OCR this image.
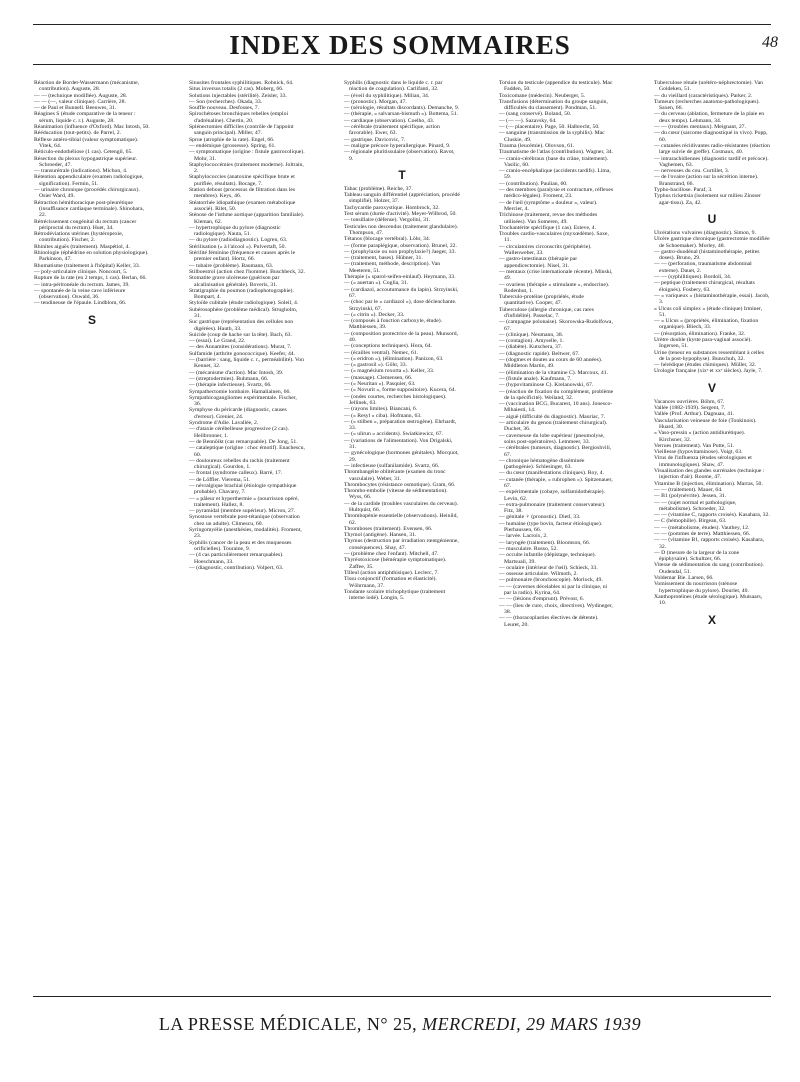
INDEX DES SOMMAIRES	48

Réaction de Bordet-Wassermann (mécanisme, contribution). Auguste, 28.

— — (technique modifiée). Auguste, 28.

— — (—, valeur clinique). Carrière, 28.

— de Paul et Bunnell. Beeuwes, 31.

Réagines S (étude comparative de la teneur : sérum, liquide c. r.). Auguste, 28.

Réanimation (influence d'Oxford). Mac Intosh, 50.

Rééducation (tout-petits). de Parrel, 2.

Réflexe antéro-tibial (valeur symptomatique). Vitek, 64.

Réticulo-endothéliose (1 cas). Cetengil, 65.

Résection du plexus hypogastrique supérieur. Schroeder, 47.

— transurétrale (indications). Michon, 4.

Rétention appendiculaire (examen radiologique, signification). Fermin, 51.

— urinaire chronique (procédés chirurgicaux). Osier Ward, 49.

Rétraction hémithoracique post-pleurétique (insuffisance cardiaque terminale). Shinohara, 22.

Rétrécissement congénital du rectum (cancer périproctal du rectum). Huet, 34.

Rétrodéviations utérines (hystéropexie, contribution). Fischer, 2.

Rhinites aiguës (traitement). Maspétiol, 4.

Rhinologie (éphédrine en solution physiologique). Parkinson, 47.

Rhumatisme (traitement à l'hôpital) Keller, 33.

— poly-articulaire clinique. Noncourt, 5.

Rupture de la rate (en 2 temps, 1 cas). Berlan, 66.

— intra-péritonéale du rectum. James, 39.

— spontanée de la veine cave inférieure (observation). Oswald, 36.

— tendineuse de l'épaule. Lindblom, 66.

S

Sinusites frontales syphilitiques. Robnick, 64.

Situs inversus totalis (2 cas). Moberg, 66.

Solutions injectables (stérilité). Zeisler, 33.

— Son (recherches). Okada, 33.

Souffle nouveau. Desfosses, 7.

Spirochétoses bronchiques rebelles (emploi d'adrénaline). Chertin, 20.

Splénectomies difficiles (contrôle de l'appoint sanguin principal). Miller, 47.

Sprue (atrophie de la rate). Engel, 66.

— endémique (grossesse). Spring, 61.

— symptomatique (origine : fistule gastrocolique). Mohr, 31.

Staphylococcémies (traitement moderne). Joltrain, 2.

Staphylococcies (anatoxine spécifique brute et purifiée, résultats). Bocage, 7.

Station debout (processus de filtration dans les membres). Keys, 46.

Stéatorrhée idiopathique (examen métabolique associé). Rilet, 50.

Sténose de l'isthme aortique (apparition familiale). Kleman, 62.

— hypertrophique du pylore (diagnostic radiologique). Nauta, 51.

— du pylore (radiodiagnostic). Logren, 63.

Stérilisation (« à l'alcool »). Pulvertaft, 50.

Stérilité féminine (fréquence et causes après le premier enfant). Hortz, 66.

— tubaire (problème). Baumann, 63.

Stilboestrol (action chez l'homme). Buschbeck, 32.

Stomatite grave ulcéreuse (guérison par alcalinisation générale). Boveris, 31.

Stratigraphie du poumon (radiophotographie). Bompart, 4.

Styloïde cubitale (étude radiologique). Soleil, 4.

Subérosophère (problème médical). Strugholm, 31.

Suc gastrique (représentation des cellules non digérées). Hauth, 33.

Suicide (coup de hache sur la tête). Bach, 63.

— (essai). Le Grand, 22.

— des Annamites (considérations). Murat, 7.

Sulfamide (arthrite gonococcique). Keefer, 44.

— (barrière : sang, liquide c. r., perméabilité). Von Kennet, 32.

— (mécanisme d'action). Mac Intosh, 39.

— (streptodermies). Buhmann, 66.

— (thérapie infectieuse). Svartz, 66.

Sympathectomie lombaire. Hamaliainen, 66.

Sympathicogangliomes expérimentale. Fischer, 36.

Symphyse du péricarde (diagnostic, causes d'erreur). Grenier, 24.

Syndrome d'Adie. Lavallée, 2.

— d'ataxie cérébelleuse progressive (2 cas). Heilbronner, 1.

— de Bennôikt (cas remarquable). De Jong, 51.

— cataleptique (origine : choc émotif). Enachescu, 60.

— douloureux rebelles du rachis (traitement chirurgical). Gourdon, 1.

— frontal (syndrome calleux). Barré, 17.

— de Löffler. Vierema, 51.

— névralgique brachial (étiologie sympathique probable). Chavany, 7.

— « pâleur et hyperthermie » (nourrisson opéré, traitement). Hallez, 8.

— pyramidal (membre supérieur). Micron, 27.

Synostose vertébrale post-tétanique (observation chez un adulte). Climescu, 60.

Syringomyélie (anesthésies, modalités). Froment, 23.

Syphilis (cancer de la peau et des muqueuses orificielles). Touraine, 9.

— (4 cas particulièrement remarquables). Hoeschmann, 33.

— (diagnostic, contribution). Volpert, 63.

Syphilis (diagnostic dans le liquide c. r. par réaction de coagulation). Carlifanti, 32.

— (éveil du syphilitique). Milian, 34.

— (pronostic). Morgan, 47.

— (sérologie, résultats discordants). Demanche, 9.

— (thérapie, « salvarsan-bismuth »). Bottema, 51.

— cardiaque (observation). Coelho, 43.

— cérébrale (traitement spécifique, action favorable). Ewer, 63.

— gastrique. Davicovic, 7.

— maligne précoce hyperallergique. Pinard, 9.

— régionale pluritissulaire (observation). Ravot, 9.

T

Tabac (problème). Reiche, 37.

Tableau sanguin différentiel (appréciation, procédé simplifié). Holzer, 37.

Tachycardie paroxystique. Hombrock, 32.

Test sérum (durée d'activité). Meyer-Wilbrod, 50.

— tonsillaire (défense). Vergolini, 31.

Testicules non descendus (traitement glandulaire). Thompson, 47.

Tétanos (blocage vertébral). Löhr, 34.

— (forme paraplégique, observation). Brunel, 22.

— (prophylaxie ou non prophylaxie?) Jaeger, 33.

— (traitement, bases). Hübner, 31.

— (traitement, méthode, description). Van Meeteren, 51.

Thérapie (« sparol-seifen-einlauf). Heymann, 33.

— (« auertan »). Coglia, 31.

— (cardiazol, accoutumance du lapin). Strzyinski, 67.

— (choc par le « cardiazol »), dose déclenchante. Strzyinski, 67.

— (« citrin »). Decker, 33.

— (composés à fonction carboxyle, étude). Matthiessen, 39.

— (composition protectrice de la peau). Munsord, 40.

— (conceptions techniques). Hora, 64.

— (écailles ventral). Nemec, 61.

— (« eridron »), (élimination). Panizon, 63.

— (« gastrosil »). Göhr, 33.

— (« magnésium roxorta »). Keller, 33.

— (massage). Clemensen, 66.

— (« Neuritan »). Pasquier, 63.

— (« Novurit », forme suppositoire). Kucera, 64.

— (ondes courtes, recherches histologiques). Jellinek, 63.

— (rayons limites). Biancani, 6.

— (« Resyl » ciba). Hofmann, 63.

— (« stilben », préparation œstrogène). Ehrhardt, 33.

— (« ulirun » accidents). Swiatkiewicz, 67.

— (variations de l'alimentation). Von Drigalski, 31.

— gynécologique (hormones génitales). Mocquot, 29.

— infectieuse (sulfanilamide). Svartz, 66.

Thrombangéite oblitérante (examen du tronc vasculaire). Weber, 31.

Thrombocytes (résistance osmotique). Gram, 66.

Thrombo-embolie (vitesse de sédimentation). Wyss, 66.

— de la cardide (troubles vasculaires du cerveau). Hultquist, 66.

Thrombopénie essentielle (observations). Heinild, 62.

Thromboses (traitement). Evensen, 66.

Thymol (antigène). Hansen, 31.

Thymus (destruction par irradiation rœntgénienne, conséquences). Shay, 47.

— (problème chez l'enfant). Mitchell, 47.

Thyréotoxicose (hémérapie symptomatique). Zaffee, 35.

Tilleul (action antiphthisique). Leclerc, 7.

Tissu conjonctif (formation et élasticité). Wöhrmann, 37.

Tondante scolaire trichophytique (traitement interne iodé). Longin, 5.

Torsion du testicule (appendice du testicule). Mac Fadden, 50.

Toxicomane (médecin). Neuberger, 5.

Transfusions (détermination du groupe sanguin, difficultés du classement). Pondman, 51.

— (sang conservé). Boland, 50.

— (— —). Sazavsky, 64.

— (— placentaire). Page, 50. Halbrecht, 50.

— sanguine (transmission de la syphilis). Mac Cluskie, 49.

Trauma (leucémie). Olovson, 61.

Traumatisme de l'atlas (contribution). Wagner, 34.

— cranio-cérébraux (base du crâne, traitement). Vasilic, 60.

— cranio-encéphalique (accidents tardifs). Lima, 59.

— (contribution). Paulian, 60.

— des membres (paralysie et contracture, réflexes médico-légales). Froment, 23.

— de l'œil (symptôme « douleur », valeur). Mercier, 4.

Trichinose (traitement, revue des méthodes utilisées). Van Someren, 49.

Trochantérite spécifique (1 cas). Esteve, 4.

Troubles cardio-vasculaires (myxœdème). Saxe, 11.

— circulatoires circonscrits (périphérie). Wallenweber, 33.

— gastro-intestinaux (thérapie par appendicectomie). Nisel, 31.

— mentaux (crise internationale récente). Minski, 49.

— ovariens (thérapie « stimulante », endocrine). Rodenhut, 1.

Tuberculo-protéine (propriétés, étude quantitative). Cooper, 47.

Tuberculose (allergie chronique, cas rares d'infidélité). Passelac, 7.

— (campagne polonaise). Skorowska-Rudolfowa, 67.

— (clinique). Neumann, 38.

— (contagion). Amyselle, 1.

— (diabète). Kutschera, 37.

— (diagnostic rapide). Beltwer, 67.

— (dogmes et doutes au cours de 60 années). Middleton Martin, 49.

— (élimination de la vitamine C). Marcoux, 41.

— (fistule anale). Kaufmann, 7.

— (hypovitaminose C). Krelanowski, 67.

— (réaction de fixation du complément, problème de la spécificité). Weiland, 32.

— (vaccination BCG, Bucarest, 10 ans). Jonesco-Mihaiesti, 14.

— aiguë (difficulté du diagnostic). Mauriac, 7.

— articulaire du genou (traitement chirurgical). Duchet, 36.

— caverneuse du lobe supérieur (pneumolyse, soins post-opératoires). Lemmeer, 33.

— cérébrales (tumeurs, diagnostic). Bergioshvili, 67.

— chronique hématogène disséminée (pathogénie). Schlesinger, 63.

— du cœur (manifestations cliniques). Roy, 4.

— cutanée (thérapie, « rubrophen »). Spitzenauer, 67.

— expérimentale (cobaye, sulfamidothérapie). Levin, 62.

— extra-pulmonaire (traitement conservateur). Fitz, 38.

— génitale ♀ (pronostic). Dietl, 33.

— humaine (type bovin, facteur étiologique). Pierhaussen, 66.

— larvée. Lacroix, 2.

— laryngée (traitement). Bloomson, 66.

— musculaire. Russo, 52.

— occulte infantile (dépistage, technique). Martsuali, 39.

— oculaire (intérieur de l'œil). Schieck, 33.

— osseuse articulaire. Wilmoth, 2.

— pulmonaire (bronchoscopie). Morlock, 49.

— — (cavernes décelables ni par la clinique, ni par la radio). Kyrina, 64.

— — (lésions d'emprunt). Prévost, 6.

— — (lieu de cure, choix, directives). Wydineger, 38.

— — (thoracoplasties électives de détente). Leuret, 20.

Tuberculose rénale (urétéro-néphrectomie). Van Goldeken, 51.

— du vieillard (caractéristiques). Parker, 2.

Tumeurs (recherches anatomo-pathologiques). Saxen, 66.

— du cerveau (ablation, fermeture de la plaie en deux temps). Lehmann, 34.

— — (troubles mentaux). Meignant, 27.

— du cœur (sarcome diagnostiqué in vivo). Popp, 60.

— cutanées récidivantes radio-résistantes (réaction large suivie de greffe). Cosmaux, 40.

— intrarachidiennes (diagnostic tardif et précoce). Vaghemen, 63.

— nerveuses du cou. Curtillet, 3.

— de l'ovaire (action sur la sécrétion interne). Branstrand, 66.

Typho-bacillose. Paraf, 3.

Typhus rickettsia (isolement sur milieu Zinsser agar-tissu). Za, 42.

U

Ulcérations vulvaires (diagnostic). Simon, 9.

Ulcère gastrique chronique (gastrectomie modifiée de Schoemaker). Morley, 48.

— gastro-duodénal (histaminothérapie, petites doses). Bruno, 29.

— — (perforation, traumatisme abdominal externe). Dauet, 2.

— — (syphilitiques). Bordoli, 34.

— peptique (traitement chirurgical, résultats éloignés). Fosbery, 63.

— « variqueux » (histaminothérapie, essai). Jacob, 3.

« Ulcus coli simplex » (étude clinique) Irminer, 51.

— « Ulcus » (propriétés, élimination, fixation organique). Bliech, 33.

— (résorption, élimination). Franke, 32.

Urètre double (kyste para-vaginal associé). Ingersen, 51.

Urine (teneur en substances ressemblant à celles de la post-hypophyse). Bunschuh, 32.

— hérédique (études chimiques). Müller, 32.

Urologie française (xixᵉ et xxᵉ siècles). Jayle, 7.

V

Vacances ouvrières. Böhm, 67.

Vallée (1882-1939). Sergent, 7.

Vallée (Prof. Arthur). Dagnuau, 41.

Vascularisation veineuse de foie (Tonkinois). Huard, 30.

« Vaso-pressin » (action antidiurétique). Kirchsner, 32.

Verrues (traitement). Van Putte, 51.

Vieillesse (hypovitaminose). Voigt, 63.

Virus de l'influenza (études sérologiques et immunologiques). Shaw, 47.

Visualisation des glandes surrénales (technique : injection d'air). Roome, 47.

Vitamine B (injection, élimination). Marras, 50.

— — (traitement). Mauer, 64.

— B1 (polynévrite). Jessen, 31.

— — (sujet normal et pathologique, métabolisme). Schroeder, 32.

— — (vitamine C, rapports croisés). Kasahara, 32.

— C (hémophilie). Birgean, 63.

— — (métabolisme, études). Vauthey, 12.

— — (pommes de terre). Matthiessen, 66.

— — (vitamine B1, rapports croisés). Kasahara, 32.

— D (mesure de la largeur de la zone épiphysaire). Schultzer, 66.

Vitesse de sédimentation du sang (contribution). Oudendal, 51.

Voldemar Bie. Larsen, 66.

Vomissement du nourrisson (sténose hypertrophique du pylore). Dourlet, 40.

Xanthoprotéines (étude sérologique). Mutsaars, 10.

X
LA PRESSE MÉDICALE, N° 25, MERCREDI, 29 MARS 1939
